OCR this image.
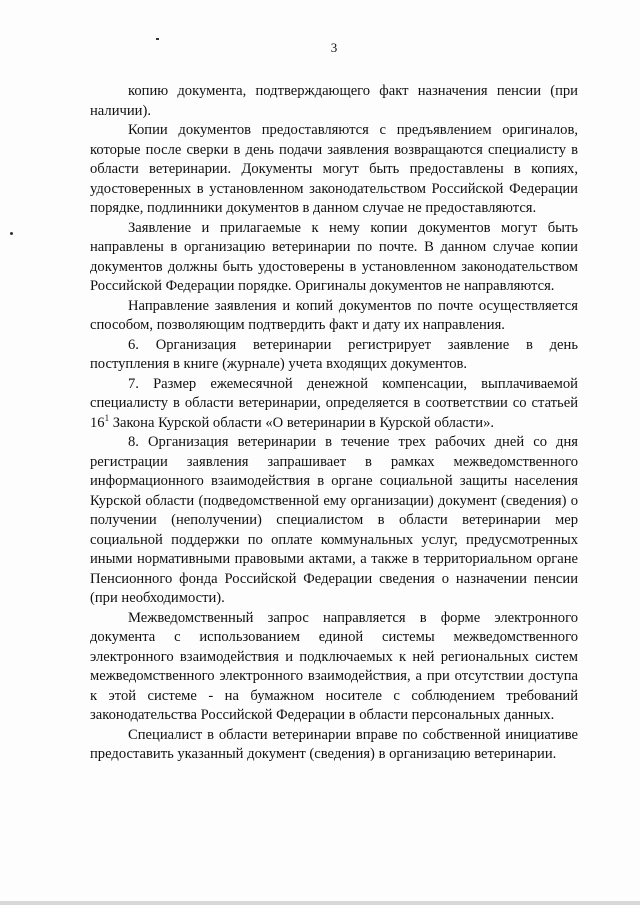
3

копию документа, подтверждающего факт назначения пенсии (при наличии).

Копии документов предоставляются с предъявлением оригиналов, которые после сверки в день подачи заявления возвращаются специалисту в области ветеринарии. Документы могут быть предоставлены в копиях, удостоверенных в установленном законодательством Российской Федерации порядке, подлинники документов в данном случае не предоставляются.

Заявление и прилагаемые к нему копии документов могут быть направлены в организацию ветеринарии по почте. В данном случае копии документов должны быть удостоверены в установленном законодательством Российской Федерации порядке. Оригиналы документов не направляются.

Направление заявления и копий документов по почте осуществляется способом, позволяющим подтвердить факт и дату их направления.

6. Организация ветеринарии регистрирует заявление в день поступления в книге (журнале) учета входящих документов.

7. Размер ежемесячной денежной компенсации, выплачиваемой специалисту в области ветеринарии, определяется в соответствии со статьей $16^1$ Закона Курской области «О ветеринарии в Курской области».

8. Организация ветеринарии в течение трех рабочих дней со дня регистрации заявления запрашивает в рамках межведомственного информационного взаимодействия в органе социальной защиты населения Курской области (подведомственной ему организации) документ (сведения) о получении (неполучении) специалистом в области ветеринарии мер социальной поддержки по оплате коммунальных услуг, предусмотренных иными нормативными правовыми актами, а также в территориальном органе Пенсионного фонда Российской Федерации сведения о назначении пенсии (при необходимости).

Межведомственный запрос направляется в форме электронного документа с использованием единой системы межведомственного электронного взаимодействия и подключаемых к ней региональных систем межведомственного электронного взаимодействия, а при отсутствии доступа к этой системе - на бумажном носителе с соблюдением требований законодательства Российской Федерации в области персональных данных.

Специалист в области ветеринарии вправе по собственной инициативе предоставить указанный документ (сведения) в организацию ветеринарии.
